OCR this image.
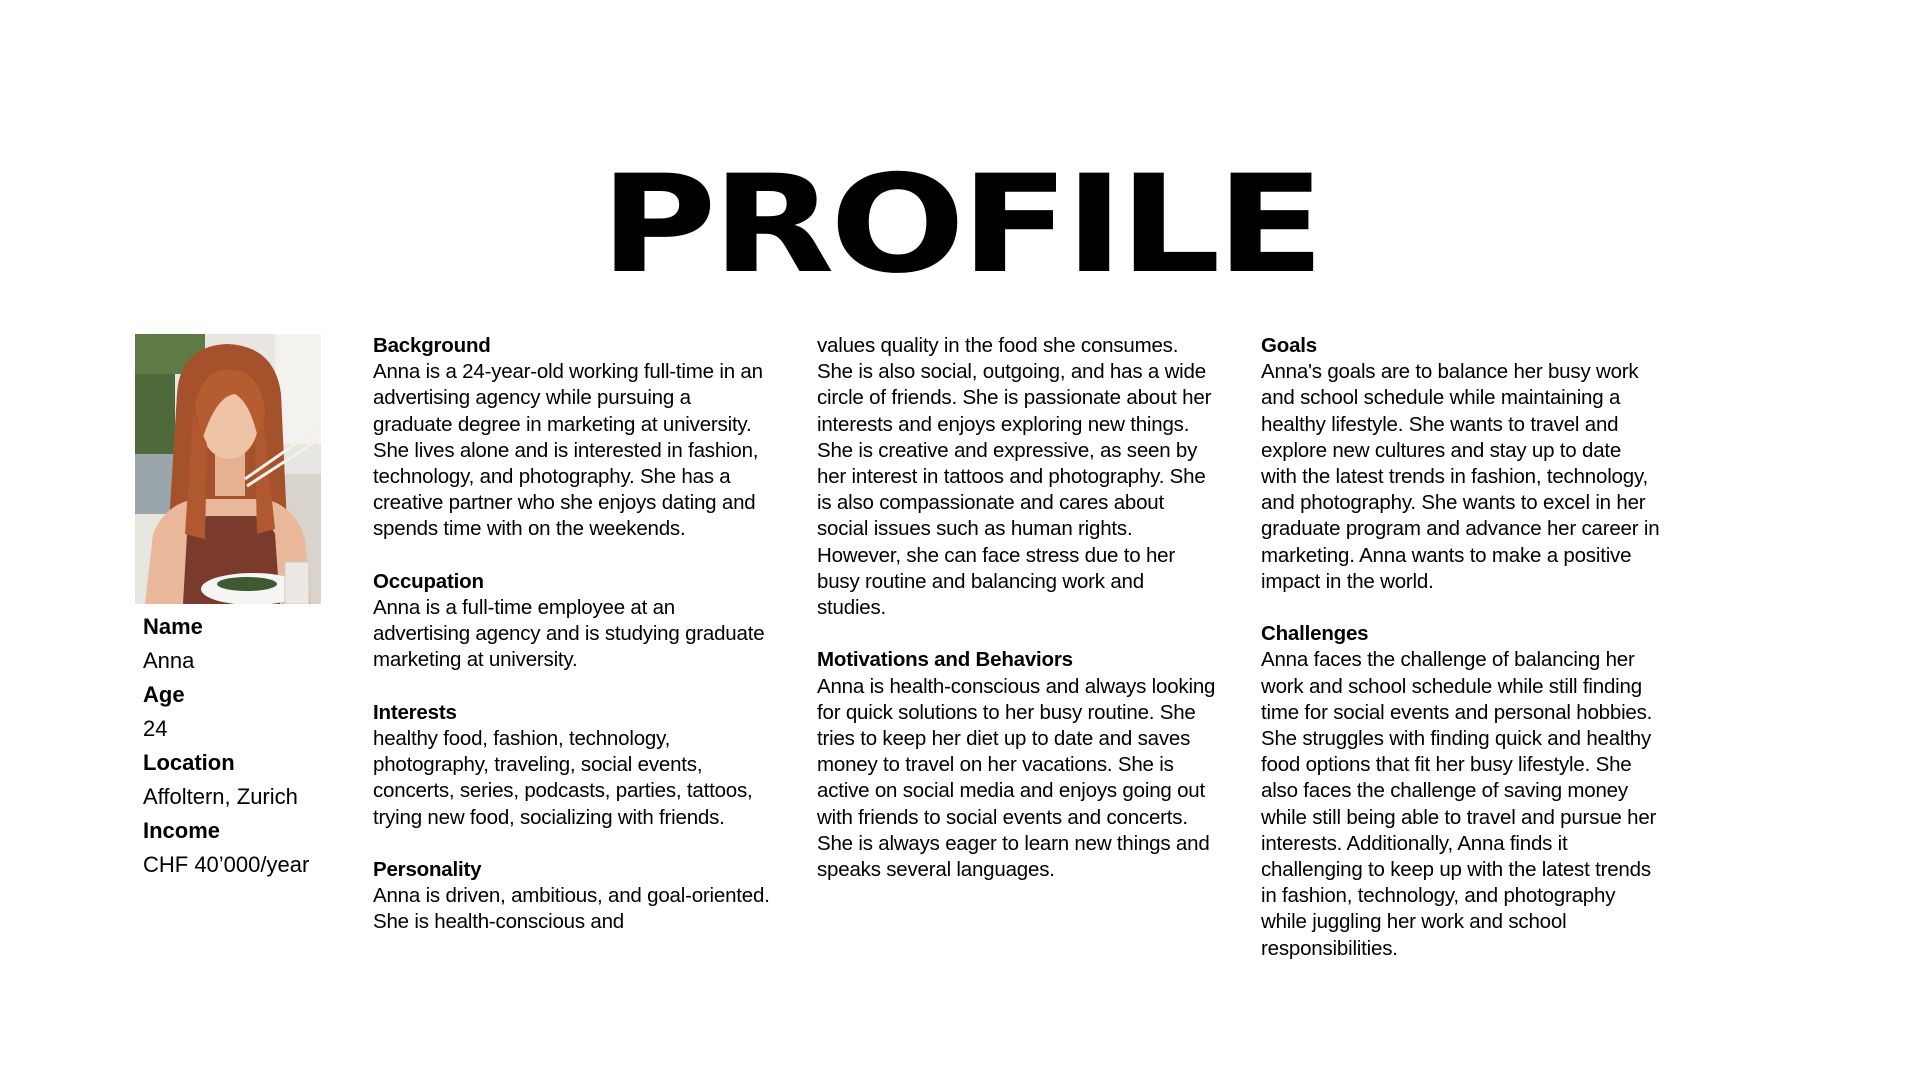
PROFILE
Name
Anna
Age
24
Location
Affoltern, Zurich
Income
CHF 40’000/year
Background
Anna is a 24-year-old working full-time in an advertising agency while pursuing a graduate degree in marketing at university. She lives alone and is interested in fashion, technology, and photography. She has a creative partner who she enjoys dating and spends time with on the weekends.
Occupation
Anna is a full-time employee at an advertising agency and is studying graduate marketing at university.
Interests
healthy food, fashion, technology, photography, traveling, social events, concerts, series, podcasts, parties, tattoos, trying new food, socializing with friends.
Personality
Anna is driven, ambitious, and goal-oriented. She is health-conscious and
values quality in the food she consumes. She is also social, outgoing, and has a wide circle of friends. She is passionate about her interests and enjoys exploring new things. She is creative and expressive, as seen by her interest in tattoos and photography. She is also compassionate and cares about social issues such as human rights. However, she can face stress due to her busy routine and balancing work and studies.
Motivations and Behaviors
Anna is health-conscious and always looking for quick solutions to her busy routine. She tries to keep her diet up to date and saves money to travel on her vacations. She is active on social media and enjoys going out with friends to social events and concerts. She is always eager to learn new things and speaks several languages.
Goals
Anna's goals are to balance her busy work and school schedule while maintaining a healthy lifestyle. She wants to travel and explore new cultures and stay up to date with the latest trends in fashion, technology, and photography. She wants to excel in her graduate program and advance her career in marketing. Anna wants to make a positive impact in the world.
Challenges
Anna faces the challenge of balancing her work and school schedule while still finding time for social events and personal hobbies. She struggles with finding quick and healthy food options that fit her busy lifestyle. She also faces the challenge of saving money while still being able to travel and pursue her interests. Additionally, Anna finds it challenging to keep up with the latest trends in fashion, technology, and photography while juggling her work and school responsibilities.
